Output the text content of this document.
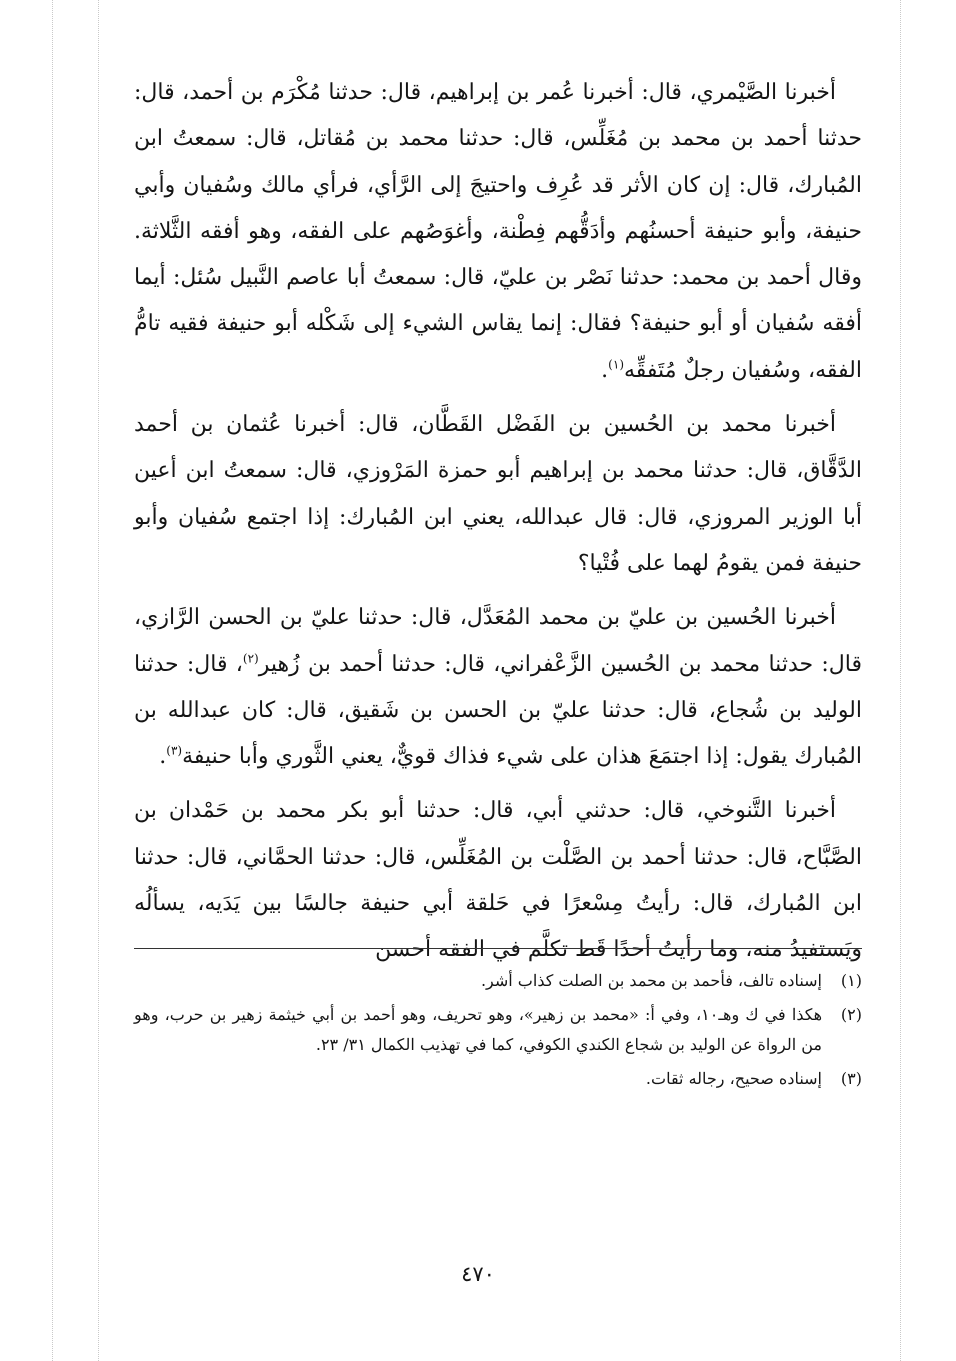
أخبرنا الصَّيْمري، قال: أخبرنا عُمر بن إبراهيم، قال: حدثنا مُكْرَم بن أحمد، قال: حدثنا أحمد بن محمد بن مُغَلِّس، قال: حدثنا محمد بن مُقاتل، قال: سمعتُ ابن المُبارك، قال: إن كان الأثر قد عُرِف واحتيجَ إلى الرَّأي، فرأي مالك وسُفيان وأبي حنيفة، وأبو حنيفة أحسنُهم وأدَقُّهم فِطْنة، وأغوَصُهم على الفقه، وهو أفقه الثَّلاثة. وقال أحمد بن محمد: حدثنا نَصْر بن عليّ، قال: سمعتُ أبا عاصم النَّبيل سُئل: أيما أفقه سُفيان أو أبو حنيفة؟ فقال: إنما يقاس الشيء إلى شَكْله أبو حنيفة فقيه تامُّ الفقه، وسُفيان رجلٌ مُتَفقِّه$^{(١)}$.

أخبرنا محمد بن الحُسين بن الفَضْل القَطَّان، قال: أخبرنا عُثمان بن أحمد الدَّقَّاق، قال: حدثنا محمد بن إبراهيم أبو حمزة المَرْوزي، قال: سمعتُ ابن أعين أبا الوزير المروزي، قال: قال عبدالله، يعني ابن المُبارك: إذا اجتمع سُفيان وأبو حنيفة فمن يقومُ لهما على فُتْيا؟

أخبرنا الحُسين بن عليّ بن محمد المُعَدَّل، قال: حدثنا عليّ بن الحسن الرَّازي، قال: حدثنا محمد بن الحُسين الزَّعْفراني، قال: حدثنا أحمد بن زُهير$^{(٢)}$، قال: حدثنا الوليد بن شُجاع، قال: حدثنا عليّ بن الحسن بن شَقيق، قال: كان عبدالله بن المُبارك يقول: إذا اجتمَعَ هذان على شيء فذاك قويٌّ، يعني الثَّوري وأبا حنيفة$^{(٣)}$.

أخبرنا التَّنوخي، قال: حدثني أبي، قال: حدثنا أبو بكر محمد بن حَمْدان بن الصَّبَّاح، قال: حدثنا أحمد بن الصَّلْت بن المُغَلِّس، قال: حدثنا الحمَّاني، قال: حدثنا ابن المُبارك، قال: رأيتُ مِسْعرًا في حَلقة أبي حنيفة جالسًا بين يَدَيه، يسألُه ويَستفيدُ منه، وما رأيتُ أحدًا قَط تكلَّم في الفقه أحسن

(١)
إسناده تالف، فأحمد بن محمد بن الصلت كذاب أشر.
(٢)
هكذا في ك وهـ١٠، وفي أ: «محمد بن زهير»، وهو تحريف، وهو أحمد بن أبي خيثمة زهير بن حرب، وهو من الرواة عن الوليد بن شجاع الكندي الكوفي، كما في تهذيب الكمال ٣١/ ٢٣.
(٣)
إسناده صحيح، رجاله ثقات.
٤٧٠
